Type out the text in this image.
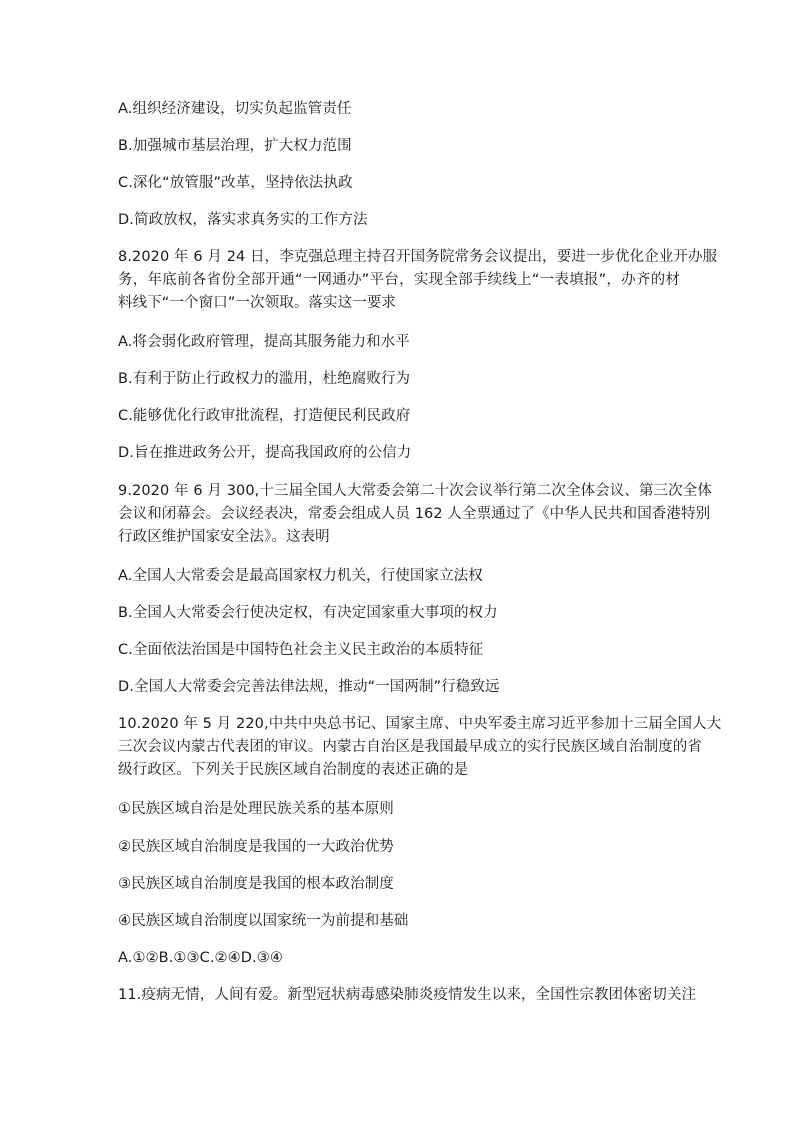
A.组织经济建设，切实负起监管责任

B.加强城市基层治理，扩大权力范围

C.深化“放管服”改革，坚持依法执政

D.简政放权，落实求真务实的工作方法

8.2020 年 6 月 24 日，李克强总理主持召开国务院常务会议提出，要进一步优化企业开办服
务，年底前各省份全部开通“一网通办”平台，实现全部手续线上“一表填报”，办齐的材
料线下“一个窗口”一次领取。落实这一要求

A.将会弱化政府管理，提高其服务能力和水平

B.有利于防止行政权力的滥用，杜绝腐败行为

C.能够优化行政审批流程，打造便民利民政府

D.旨在推进政务公开，提高我国政府的公信力

9.2020 年 6 月 300,十三届全国人大常委会第二十次会议举行第二次全体会议、第三次全体
会议和闭幕会。会议经表决，常委会组成人员 162 人全票通过了《中华人民共和国香港特别
行政区维护国家安全法》。这表明

A.全国人大常委会是最高国家权力机关，行使国家立法权

B.全国人大常委会行使决定权，有决定国家重大事项的权力

C.全面依法治国是中国特色社会主义民主政治的本质特征

D.全国人大常委会完善法律法规，推动“一国两制”行稳致远

10.2020 年 5 月 220,中共中央总书记、国家主席、中央军委主席习近平参加十三届全国人大
三次会议内蒙古代表团的审议。内蒙古自治区是我国最早成立的实行民族区域自治制度的省
级行政区。下列关于民族区域自治制度的表述正确的是

①民族区域自治是处理民族关系的基本原则

②民族区域自治制度是我国的一大政治优势

③民族区域自治制度是我国的根本政治制度

④民族区域自治制度以国家统一为前提和基础

A.①②B.①③C.②④D.③④

11.疫病无情，人间有爱。新型冠状病毒感染肺炎疫情发生以来，全国性宗教团体密切关注
